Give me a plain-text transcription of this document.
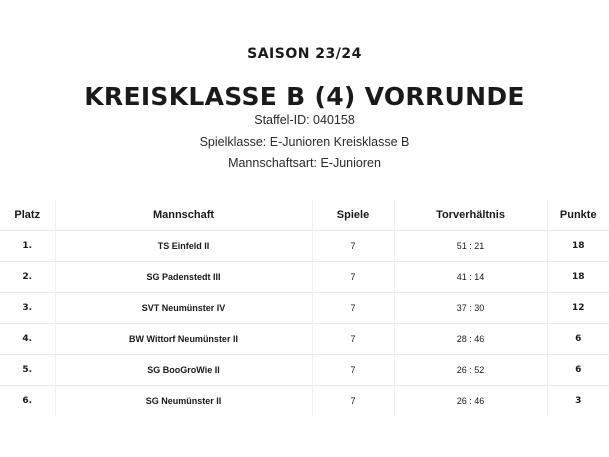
SAISON 23/24
KREISKLASSE B (4) VORRUNDE
Staffel-ID: 040158
Spielklasse: E-Junioren Kreisklasse B
Mannschaftsart: E-Junioren
Platz	Mannschaft	Spiele	Torverhältnis	Punkte
1.	TS Einfeld II	7	51 : 21	18
2.	SG Padenstedt III	7	41 : 14	18
3.	SVT Neumünster IV	7	37 : 30	12
4.	BW Wittorf Neumünster II	7	28 : 46	6
5.	SG BooGroWie II	7	26 : 52	6
6.	SG Neumünster II	7	26 : 46	3
